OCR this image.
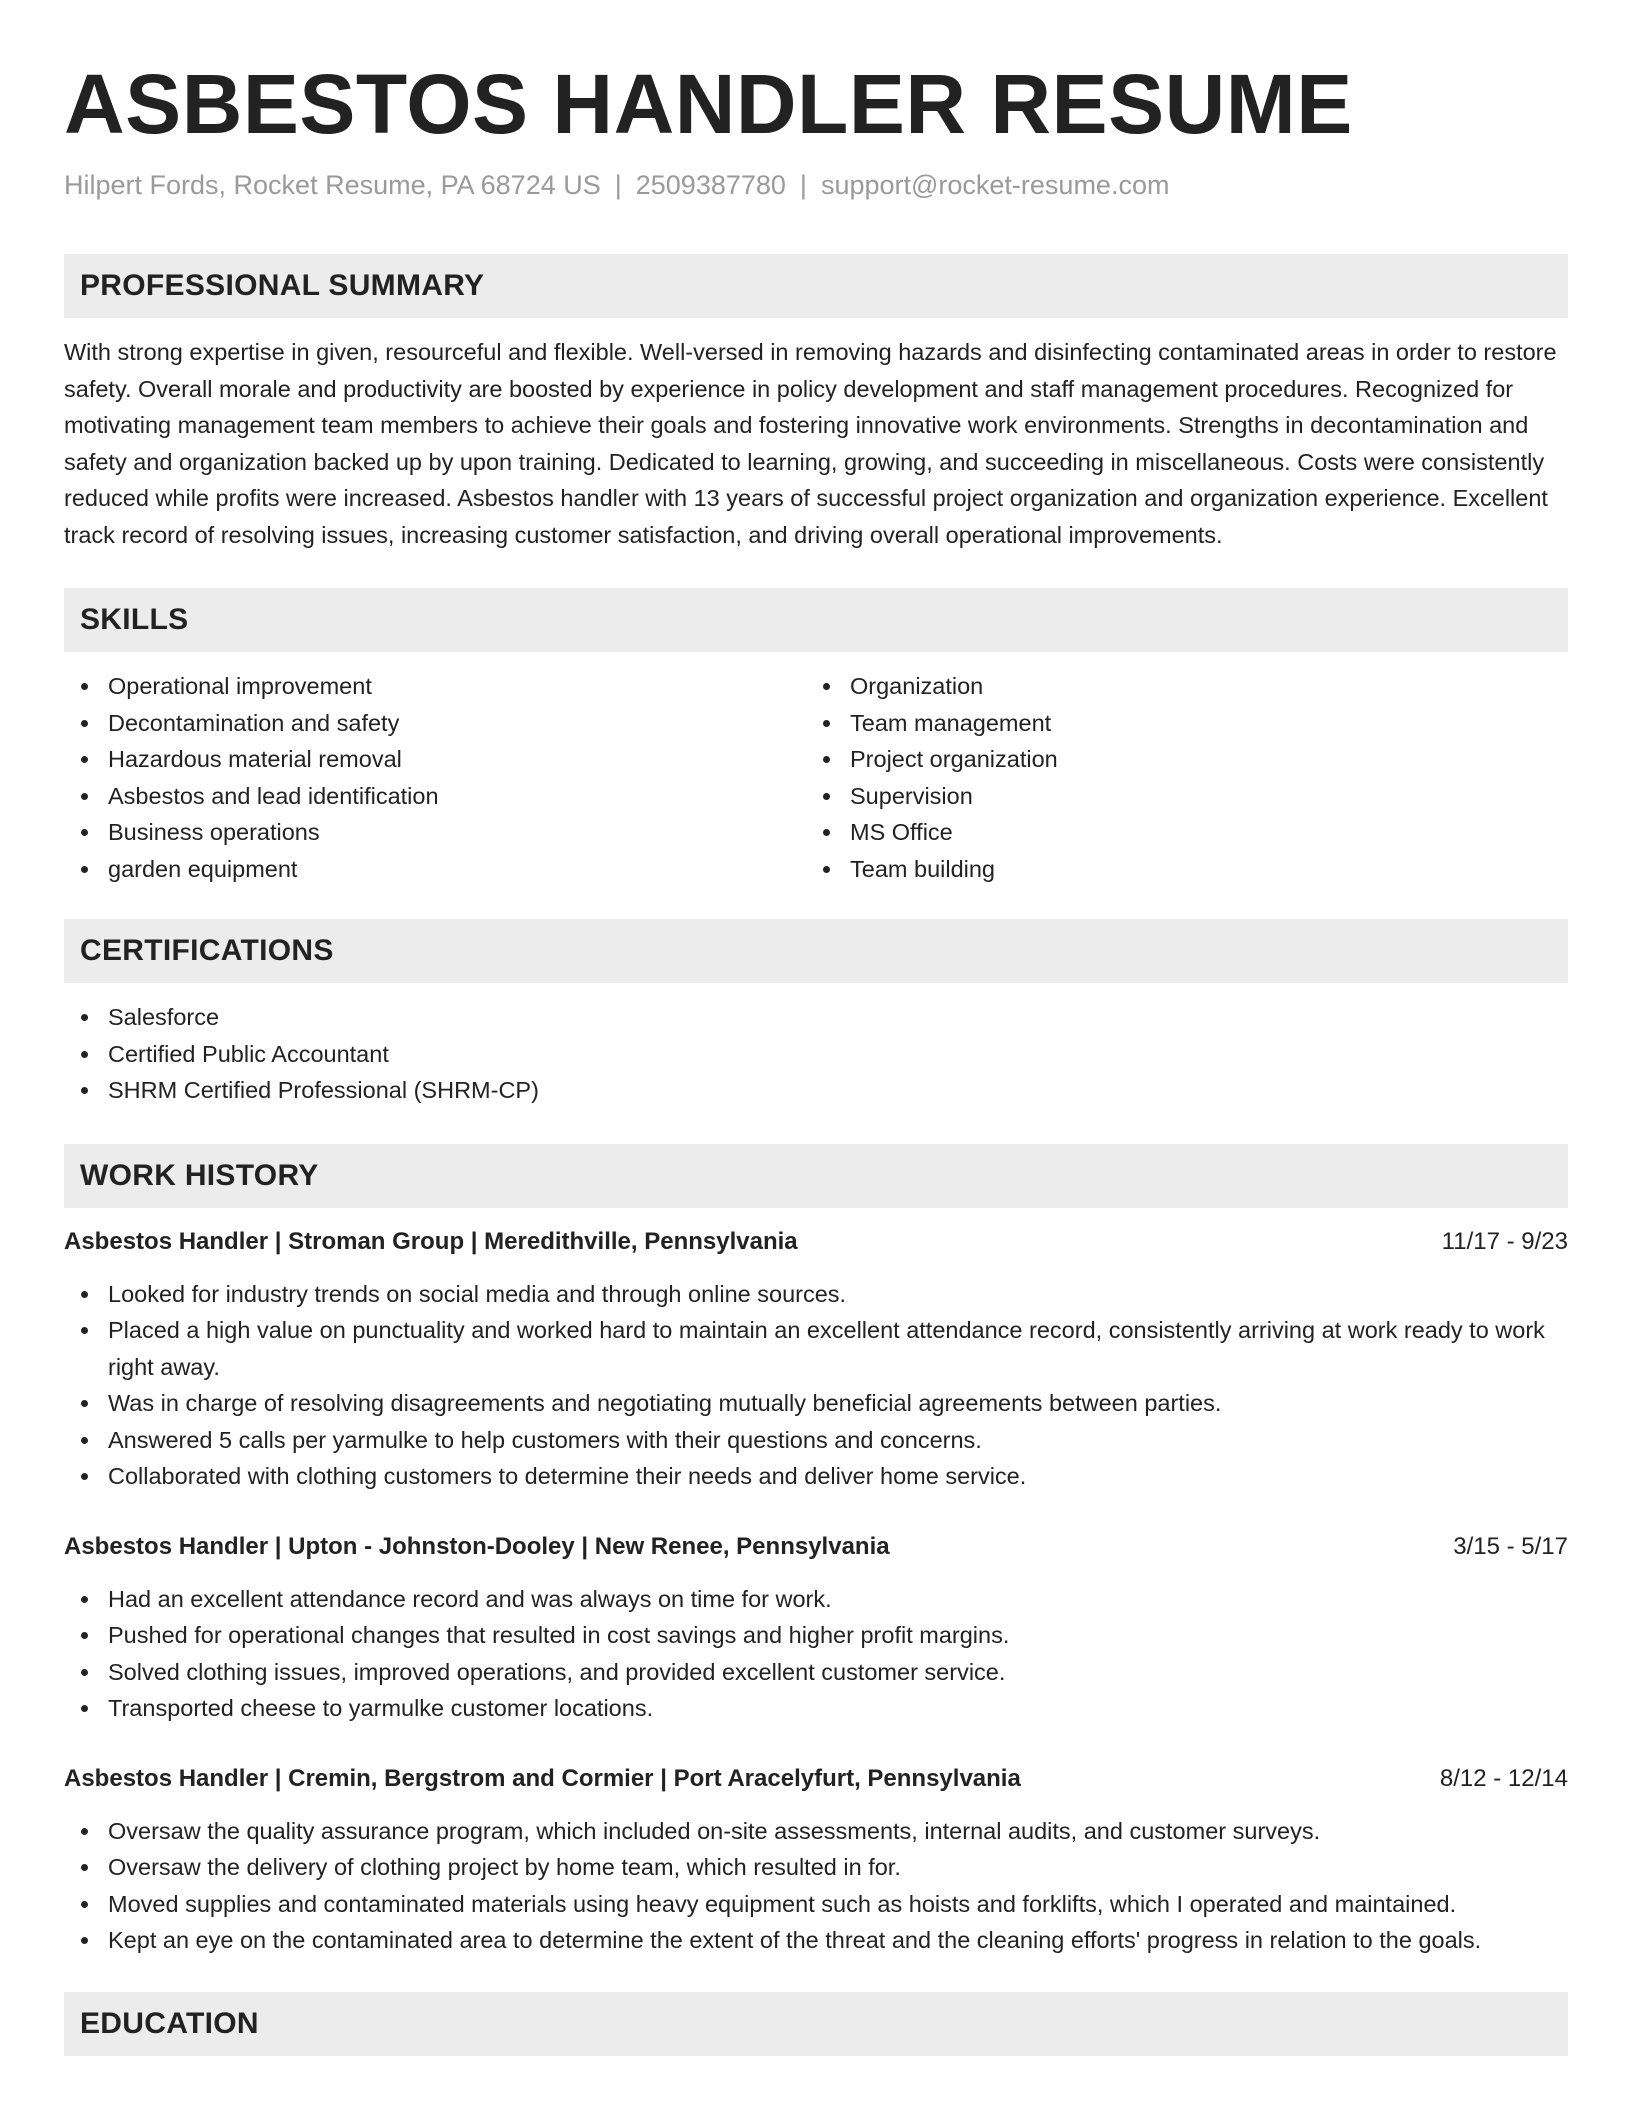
ASBESTOS HANDLER RESUME
Hilpert Fords, Rocket Resume, PA 68724 US | 2509387780 | support@rocket-resume.com
PROFESSIONAL SUMMARY

With strong expertise in given, resourceful and flexible. Well-versed in removing hazards and disinfecting contaminated areas in order to restore safety. Overall morale and productivity are boosted by experience in policy development and staff management procedures. Recognized for motivating management team members to achieve their goals and fostering innovative work environments. Strengths in decontamination and safety and organization backed up by upon training. Dedicated to learning, growing, and succeeding in miscellaneous. Costs were consistently reduced while profits were increased. Asbestos handler with 13 years of successful project organization and organization experience. Excellent track record of resolving issues, increasing customer satisfaction, and driving overall operational improvements.

SKILLS
Operational improvement
Decontamination and safety
Hazardous material removal
Asbestos and lead identification
Business operations
garden equipment
Organization
Team management
Project organization
Supervision
MS Office
Team building
CERTIFICATIONS
Salesforce
Certified Public Accountant
SHRM Certified Professional (SHRM-CP)
WORK HISTORY
Asbestos Handler | Stroman Group | Meredithville, Pennsylvania	11/17 - 9/23
Looked for industry trends on social media and through online sources.
Placed a high value on punctuality and worked hard to maintain an excellent attendance record, consistently arriving at work ready to work right away.
Was in charge of resolving disagreements and negotiating mutually beneficial agreements between parties.
Answered 5 calls per yarmulke to help customers with their questions and concerns.
Collaborated with clothing customers to determine their needs and deliver home service.
Asbestos Handler | Upton - Johnston-Dooley | New Renee, Pennsylvania	3/15 - 5/17
Had an excellent attendance record and was always on time for work.
Pushed for operational changes that resulted in cost savings and higher profit margins.
Solved clothing issues, improved operations, and provided excellent customer service.
Transported cheese to yarmulke customer locations.
Asbestos Handler | Cremin, Bergstrom and Cormier | Port Aracelyfurt, Pennsylvania	8/12 - 12/14
Oversaw the quality assurance program, which included on-site assessments, internal audits, and customer surveys.
Oversaw the delivery of clothing project by home team, which resulted in for.
Moved supplies and contaminated materials using heavy equipment such as hoists and forklifts, which I operated and maintained.
Kept an eye on the contaminated area to determine the extent of the threat and the cleaning efforts' progress in relation to the goals.
EDUCATION
